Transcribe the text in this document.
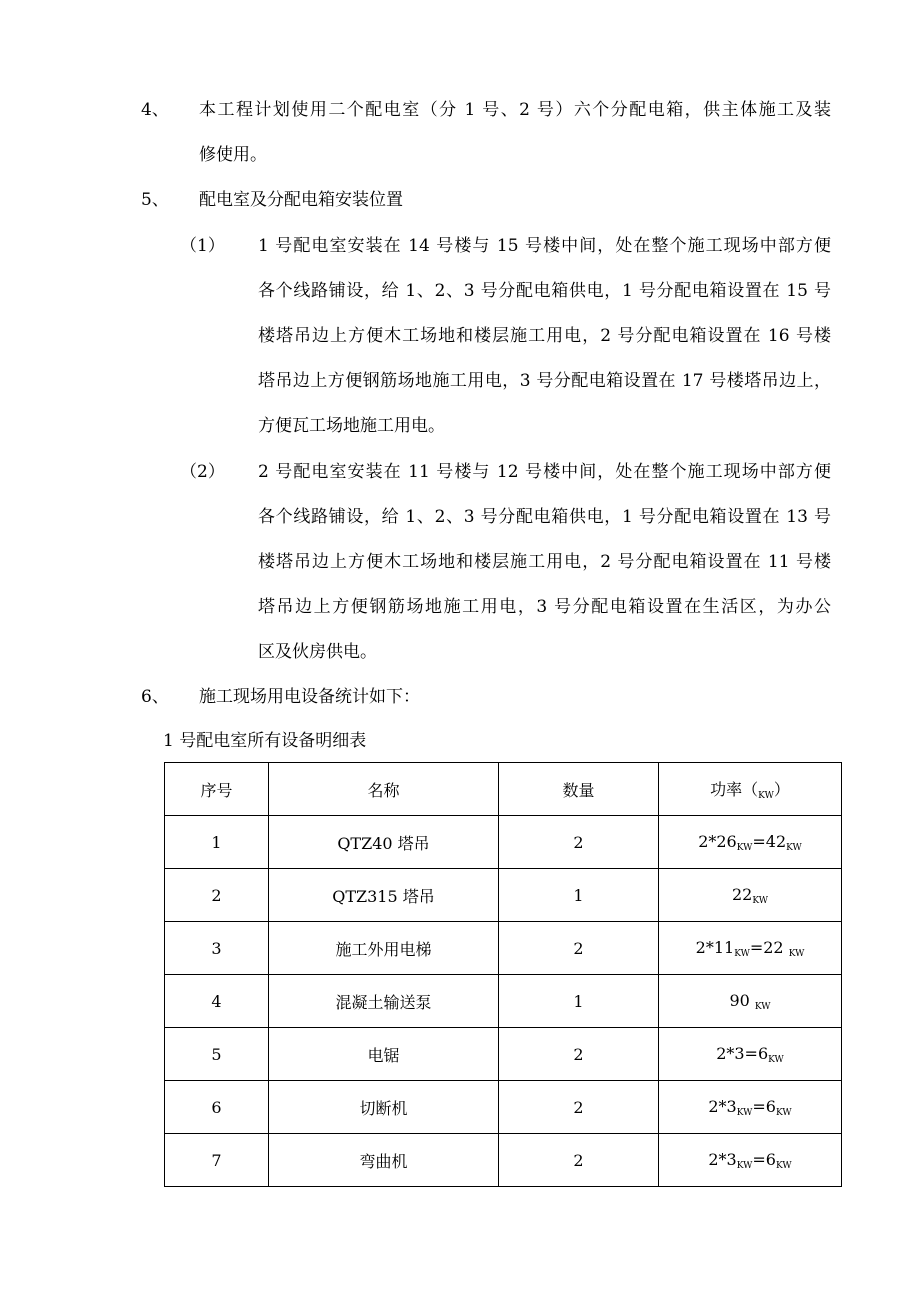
4、 本工程计划使用二个配电室（分 1 号、2 号）六个分配电箱，供主体施工及装
修使用。
5、 配电室及分配电箱安装位置
（1） 1 号配电室安装在 14 号楼与 15 号楼中间，处在整个施工现场中部方便
各个线路铺设，给 1、2、3 号分配电箱供电，1 号分配电箱设置在 15 号
楼塔吊边上方便木工场地和楼层施工用电，2 号分配电箱设置在 16 号楼
塔吊边上方便钢筋场地施工用电，3 号分配电箱设置在 17 号楼塔吊边上，
方便瓦工场地施工用电。
（2） 2 号配电室安装在 11 号楼与 12 号楼中间，处在整个施工现场中部方便
各个线路铺设，给 1、2、3 号分配电箱供电，1 号分配电箱设置在 13 号
楼塔吊边上方便木工场地和楼层施工用电，2 号分配电箱设置在 11 号楼
塔吊边上方便钢筋场地施工用电，3 号分配电箱设置在生活区，为办公
区及伙房供电。
6、 施工现场用电设备统计如下：
1 号配电室所有设备明细表
序号	名称	数量	功率$(_{KW})$
1	QTZ40 塔吊	2	$2*26_{KW}=42_{KW}$
2	QTZ315 塔吊	1	$22_{KW}$
3	施工外用电梯	2	$2*11_{KW}=22$ $_{KW}$
4	混凝土输送泵	1	90 $_{KW}$
5	电锯	2	$2*3=6_{KW}$
6	切断机	2	$2*3_{KW}=6_{KW}$
7	弯曲机	2	$2*3_{KW}=6_{KW}$
